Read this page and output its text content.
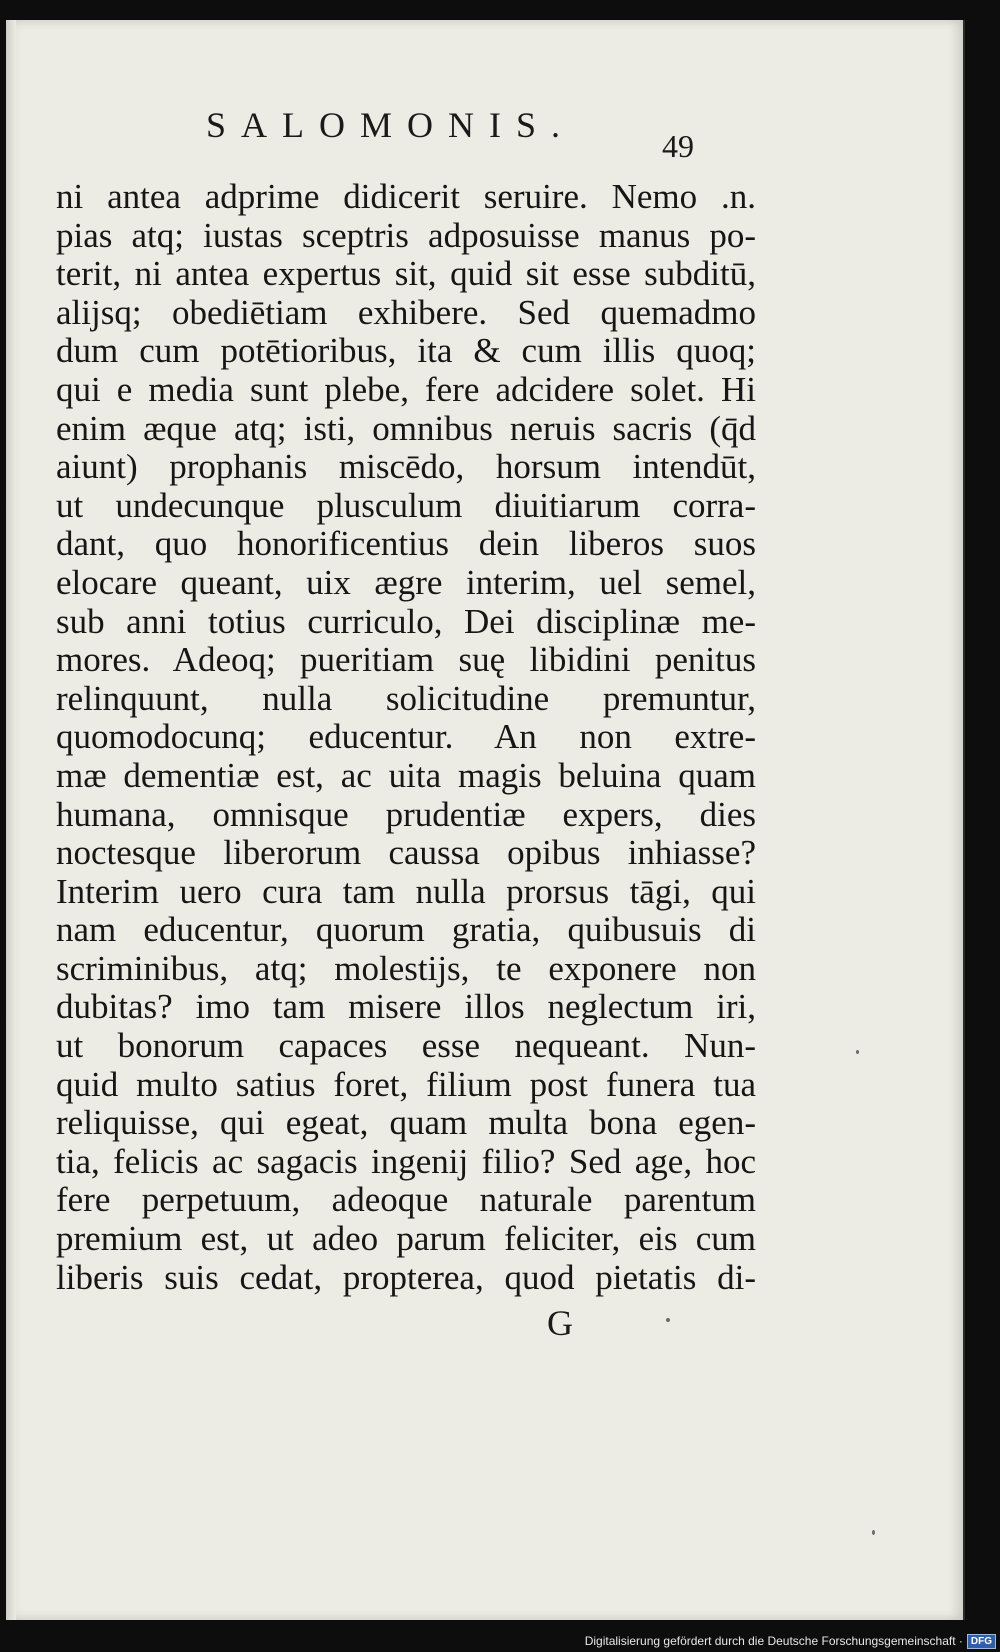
SALOMONIS.
49
ni antea adprime didicerit seruire. Nemo .n.
pias atq; iustas sceptris adposuisse manus po-
terit, ni antea expertus sit, quid sit esse subditū,
alijsq; obediētiam exhibere. Sed quemadmo
dum cum potētioribus, ita & cum illis quoq;
qui e media sunt plebe, fere adcidere solet. Hi
enim æque atq; isti, omnibus neruis sacris (q̄d
aiunt) prophanis miscēdo, horsum intendūt,
ut undecunque plusculum diuitiarum corra-
dant, quo honorificentius dein liberos suos
elocare queant, uix ægre interim, uel semel,
sub anni totius curriculo, Dei disciplinæ me-
mores. Adeoq; pueritiam suę libidini penitus
relinquunt, nulla solicitudine premuntur,
quomodocunq; educentur. An non extre-
mæ dementiæ est, ac uita magis beluina quam
humana, omnisque prudentiæ expers, dies
noctesque liberorum caussa opibus inhiasse?
Interim uero cura tam nulla prorsus tāgi, qui
nam educentur, quorum gratia, quibusuis di
scriminibus, atq; molestijs, te exponere non
dubitas? imo tam misere illos neglectum iri,
ut bonorum capaces esse nequeant. Nun-
quid multo satius foret, filium post funera tua
reliquisse, qui egeat, quam multa bona egen-
tia, felicis ac sagacis ingenij filio? Sed age, hoc
fere perpetuum, adeoque naturale parentum
premium est, ut adeo parum feliciter, eis cum
liberis suis cedat, propterea, quod pietatis di-
G
Digitalisierung gefördert durch die Deutsche Forschungsgemeinschaft · DFG
